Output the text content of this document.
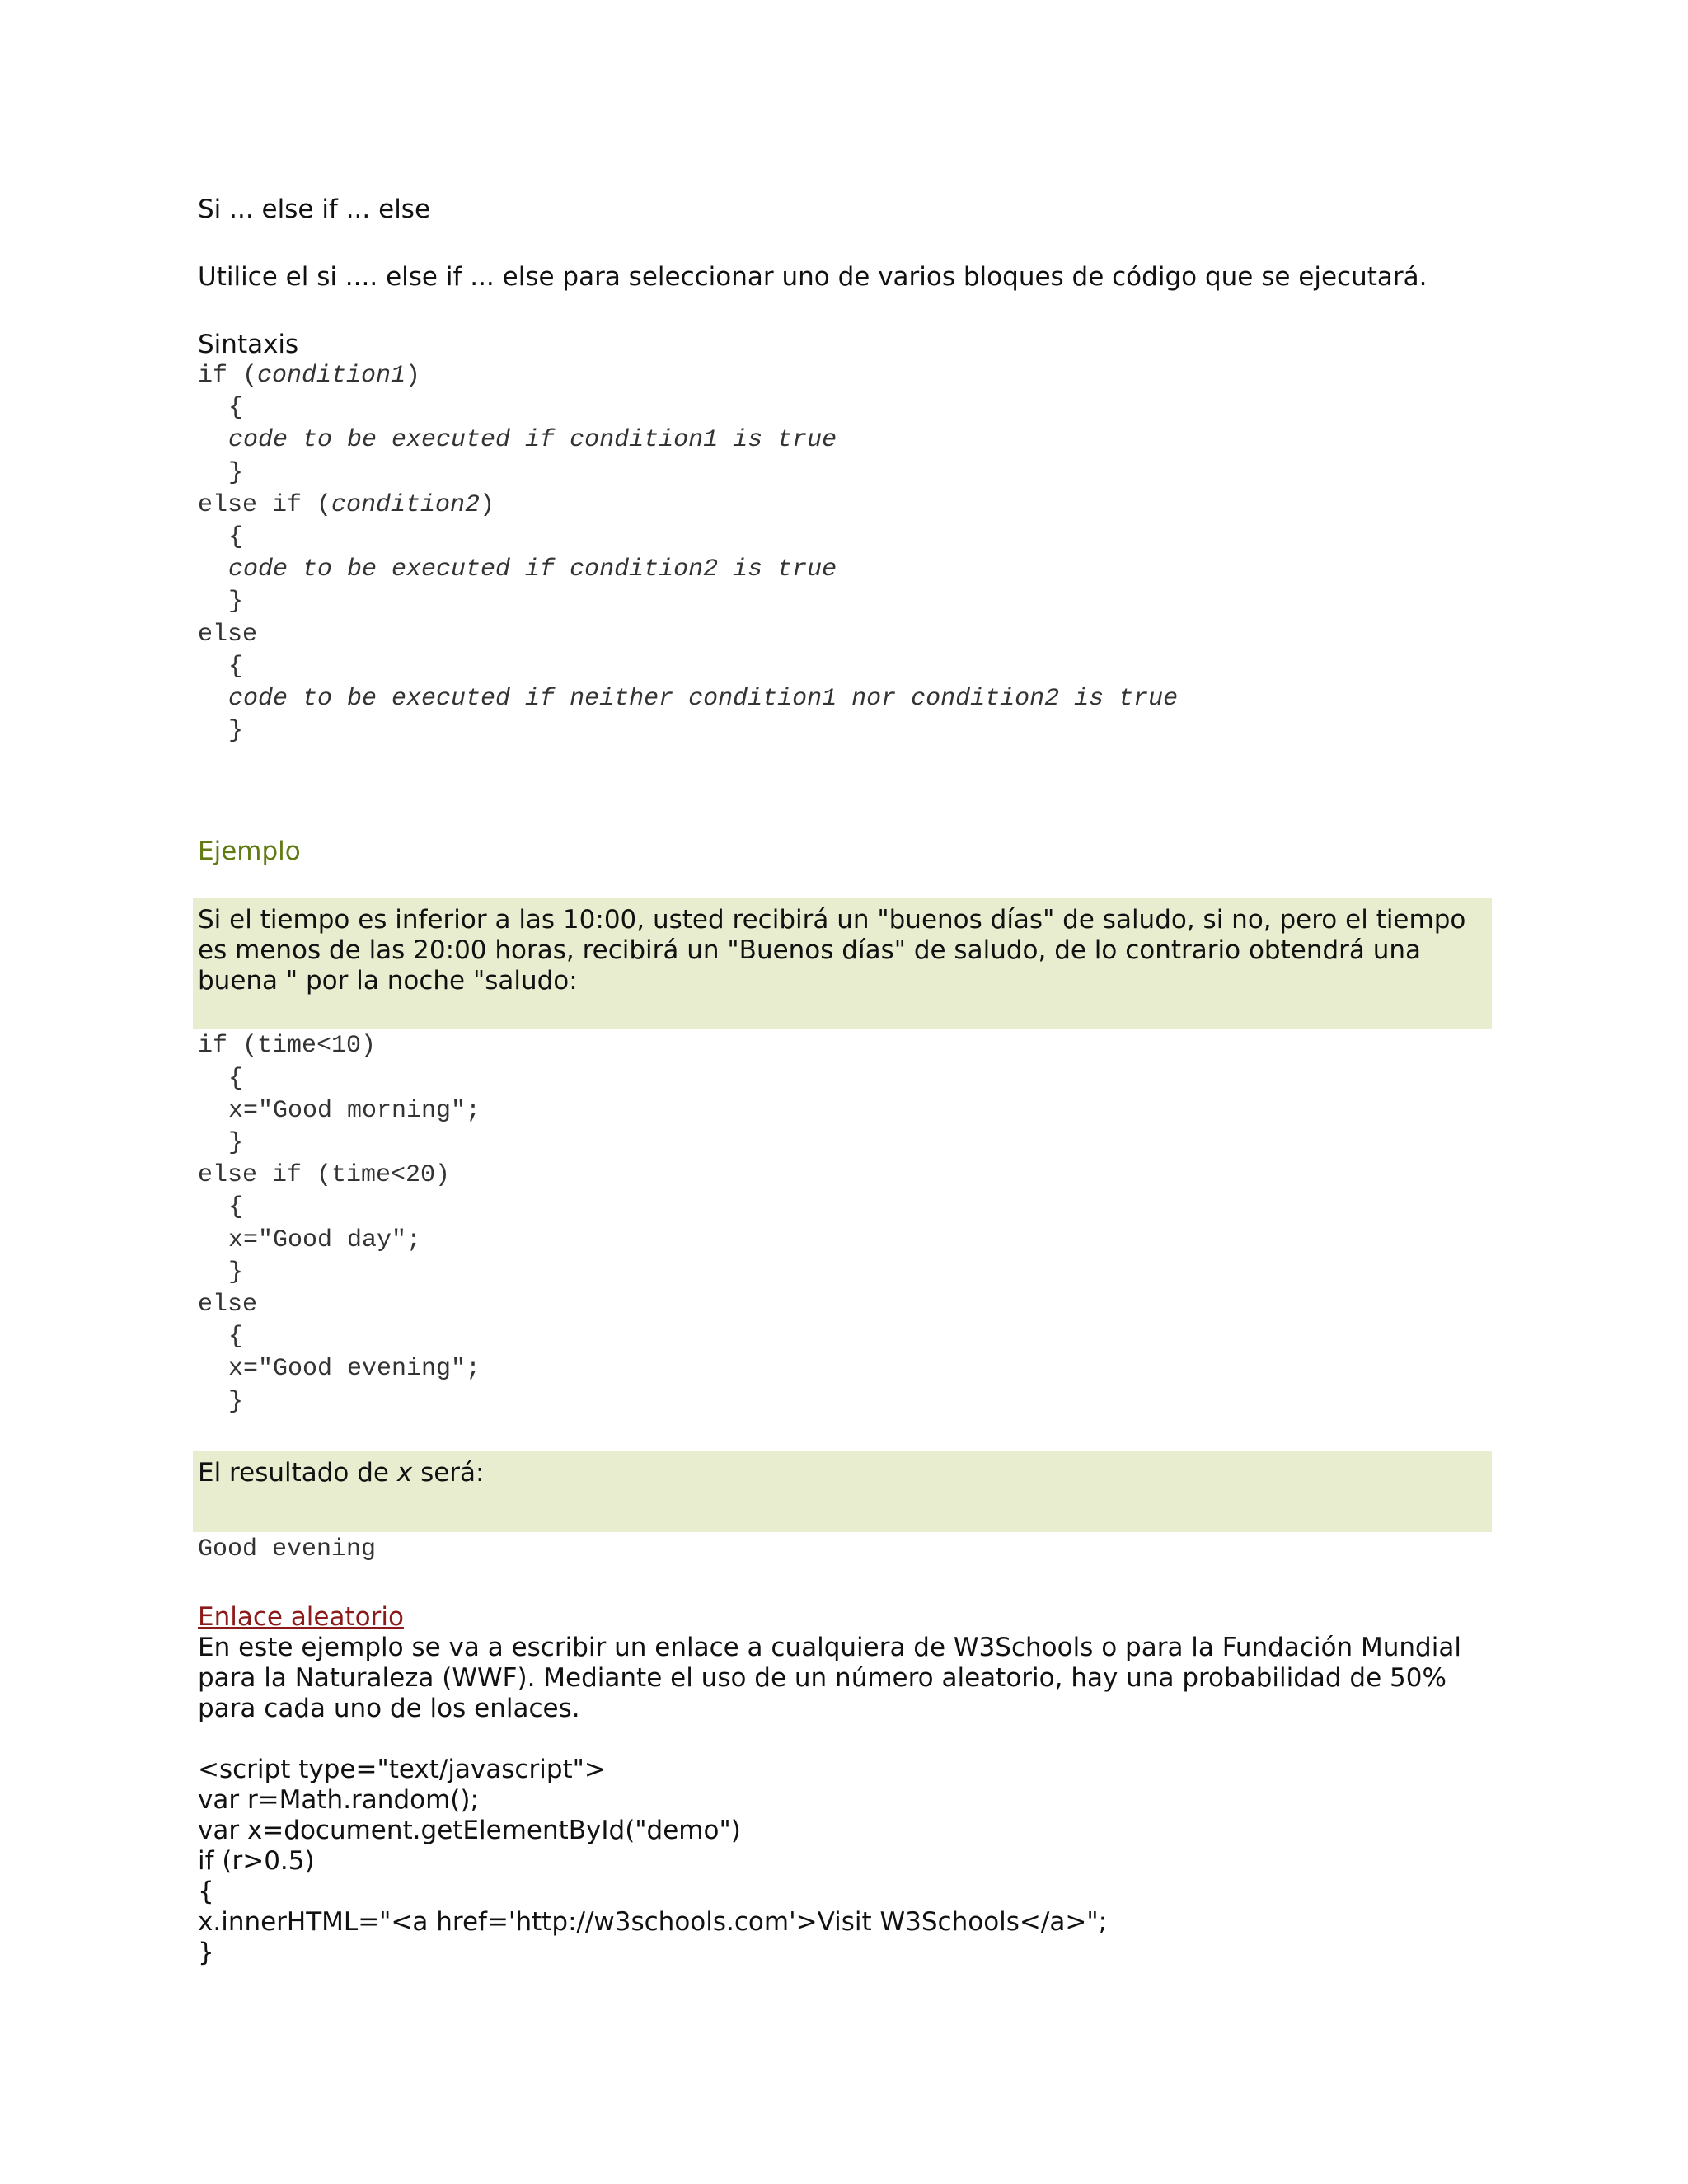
Si ... else if ... else

Utilice el si .... else if ... else para seleccionar uno de varios bloques de código que se ejecutará.

Sintaxis

if (condition1)
{
code to be executed if condition1 is true
}
else if (condition2)
{
code to be executed if condition2 is true
}
else
{
code to be executed if neither condition1 nor condition2 is true
}

Ejemplo

Si el tiempo es inferior a las 10:00, usted recibirá un "buenos días" de saludo, si no, pero el tiempo es menos de las 20:00 horas, recibirá un "Buenos días" de saludo, de lo contrario obtendrá una buena " por la noche "saludo:

if (time<10)
{
x="Good morning";
}
else if (time<20)
{
x="Good day";
}
else
{
x="Good evening";
}

El resultado de x será:

Good evening
Enlace aleatorio

En este ejemplo se va a escribir un enlace a cualquiera de W3Schools o para la Fundación Mundial para la Naturaleza (WWF). Mediante el uso de un número aleatorio, hay una probabilidad de 50% para cada uno de los enlaces.

<script type="text/javascript">

var r=Math.random();

var x=document.getElementById("demo")

if (r>0.5)

{

x.innerHTML="<a href='http://w3schools.com'>Visit W3Schools</a>";

}
